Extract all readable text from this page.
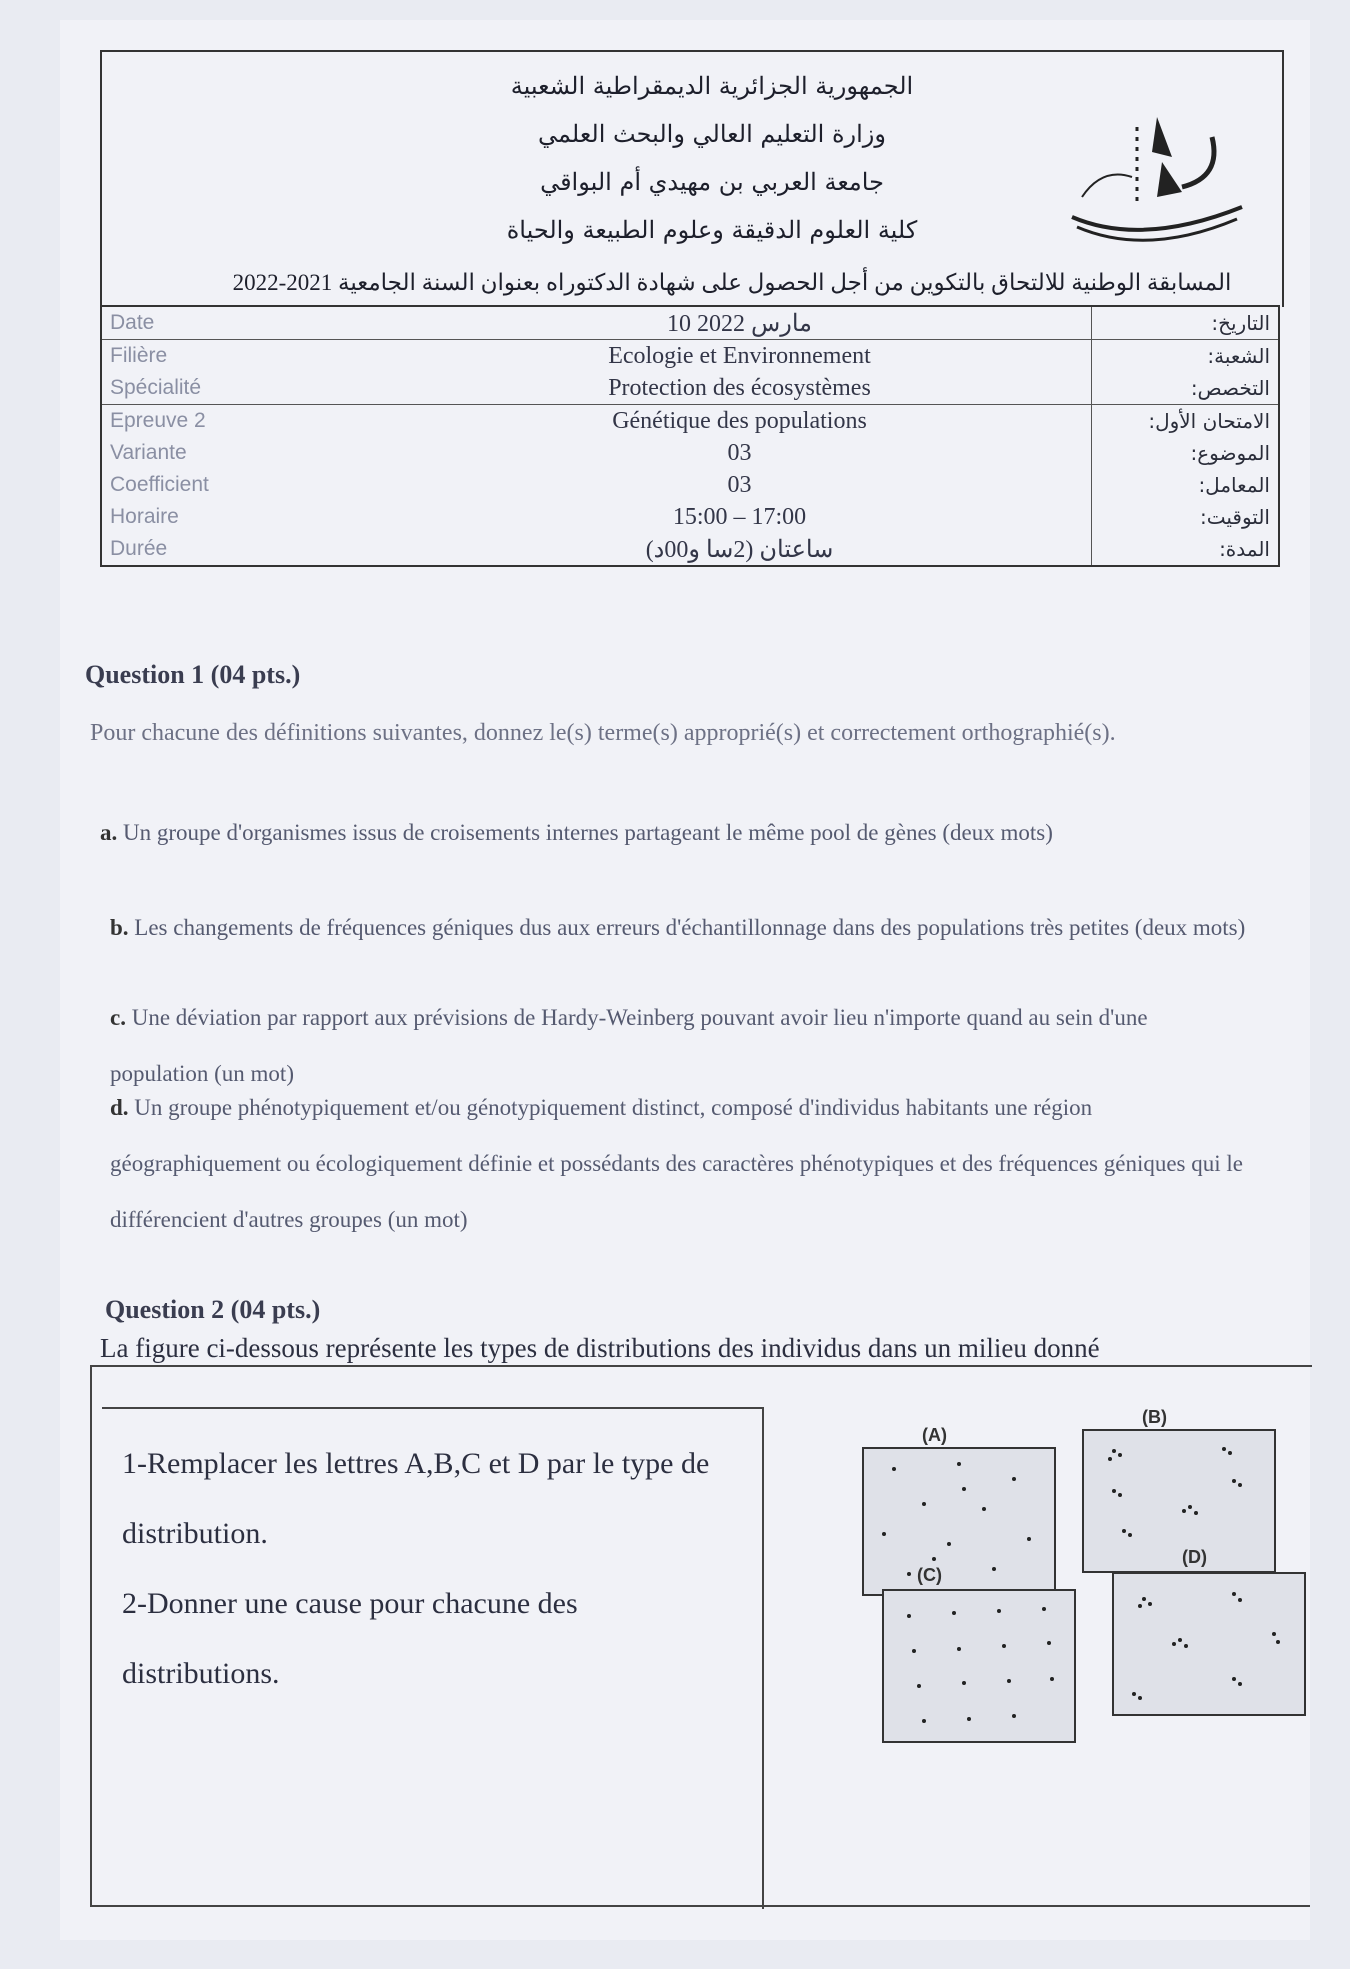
الجمهورية الجزائرية الديمقراطية الشعبية
وزارة التعليم العالي والبحث العلمي
جامعة العربي بن مهيدي أم البواقي
كلية العلوم الدقيقة وعلوم الطبيعة والحياة
المسابقة الوطنية للالتحاق بالتكوين من أجل الحصول على شهادة الدكتوراه بعنوان السنة الجامعية 2021-2022
Date	10 مارس 2022	التاريخ:
Filière	Ecologie et Environnement	الشعبة:
Spécialité	Protection des écosystèmes	التخصص:
Epreuve 2	Génétique des populations	الامتحان الأول:
Variante	03	الموضوع:
Coefficient	03	المعامل:
Horaire	15:00 – 17:00	التوقيت:
Durée	ساعتان (2سا و00د)	المدة:
Question 1 (04 pts.)
Pour chacune des définitions suivantes, donnez le(s) terme(s) approprié(s) et correctement orthographié(s).
a. Un groupe d'organismes issus de croisements internes partageant le même pool de gènes (deux mots)
b. Les changements de fréquences géniques dus aux erreurs d'échantillonnage dans des populations très petites (deux mots)
c. Une déviation par rapport aux prévisions de Hardy-Weinberg pouvant avoir lieu n'importe quand au sein d'une population (un mot)
d. Un groupe phénotypiquement et/ou génotypiquement distinct, composé d'individus habitants une région géographiquement ou écologiquement définie et possédants des caractères phénotypiques et des fréquences géniques qui le différencient d'autres groupes (un mot)
Question 2 (04 pts.)
La figure ci-dessous représente les types de distributions des individus dans un milieu donné
1-Remplacer les lettres A,B,C et D par le type de distribution.
2-Donner une cause pour chacune des distributions.
(A)
(B)
(C)
(D)
